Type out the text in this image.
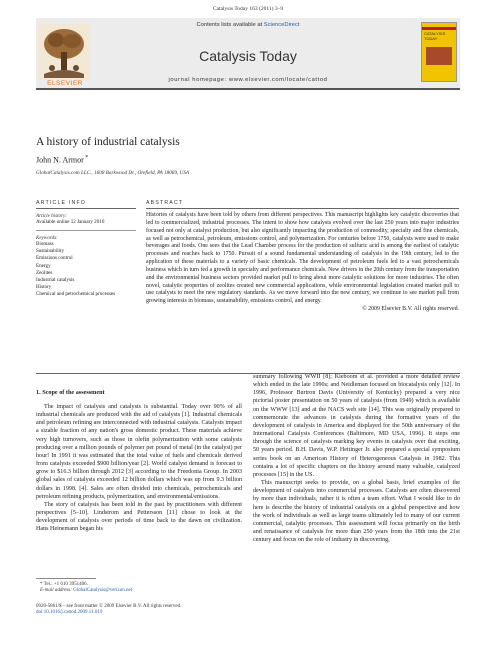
Catalysis Today 163 (2011) 3–9
Contents lists available at ScienceDirect
Catalysis Today
journal homepage: www.elsevier.com/locate/cattod
ELSEVIER
CATALYSIS TODAY
A history of industrial catalysis
John N. Armor *
GlobalCatalysis.com LLC., 1608 Barkwood Dr., Orefield, PA 18069, USA
ARTICLE INFO	ABSTRACT
Article history:
Available online 12 January 2010
Keywords:
Biomass
Sustainability
Emissions control
Energy
Zeolites
Industrial catalysis
History
Chemical and petrochemical processes
Histories of catalysis have been told by others from different perspectives. This manuscript highlights key catalytic discoveries that led to commercialized, industrial processes. The intent to show how catalysts evolved over the last 250 years into major industries focused not only at catalyst production, but also significantly impacting the production of commodity, specialty and fine chemicals, as well as petrochemical, petroleum, emissions control, and polymerization. For centuries before 1750, catalysts were used to make beverages and foods. One sees that the Lead Chamber process for the production of sulfuric acid is among the earliest of catalytic processes and reaches back to 1750. Pursuit of a sound fundamental understanding of catalysis in the 19th century, led to the application of these materials to a variety of basic chemicals. The development of petroleum fuels led to a vast petrochemicals business which in turn fed a growth in specialty and performance chemicals. New drivers in the 20th century from the transportation and the environmental business sectors provided market pull to bring about more catalytic solutions for more industries. The often novel, catalytic properties of zeolites created new commercial applications, while environmental legislation created market pull to use catalysts to meet the new regulatory standards. As we move forward into the new century, we continue to see market pull from growing interests in biomass, sustainability, emissions control, and energy.
© 2009 Elsevier B.V. All rights reserved.
1. Scope of the assessment

The impact of catalysis and catalysts is substantial. Today over 90% of all industrial chemicals are produced with the aid of catalysts [1]. Industrial chemicals and petroleum refining are interconnected with industrial catalysts. Catalysts impact a sizable fraction of any nation's gross domestic product. These materials achieve very high turnovers, such as those in olefin polymerization with some catalysts producing over a million pounds of polymer per pound of metal (in the catalyst) per hour! In 1991 it was estimated that the total value of fuels and chemicals derived from catalysts exceeded $900 billion/year [2]. World catalyst demand is forecast to grow to $16.3 billion through 2012 [3] according to the Freedonia Group. In 2003 global sales of catalysts exceeded 12 billion dollars which was up from 9.3 billion dollars in 1998. [4]. Sales are often divided into chemicals, petrochemicals and petroleum refining products, polymerization, and environmental/emissions.

The story of catalysis has been told in the past by practitioners with different perspectives [5–10]. Lindstrom and Pettersson [11] chose to look at the development of catalysis over periods of time back to the dawn on civilization. Hans Heinemann began his

summary following WWII [8]; Kieboom et al. provided a more detailed review which ended in the late 1990s; and Neidleman focused on biocatalysis only [12]. In 1996, Professor Burtron Davis (University of Kentucky) prepared a very nice pictorial poster presentation on 50 years of catalysis (from 1949) which is available on the WWW [13] and at the NACS web site [14]. This was originally prepared to commemorate the advances in catalysis during the formative years of the development of catalysis in America and displayed for the 50th anniversary of the International Catalysis Conferences (Baltimore, MD USA, 1996). It steps one through the science of catalysis marking key events in catalysis over that exciting, 50 years period. B.H. Davis, W.P. Hettinger Jr. also prepared a special symposium series book on an American History of Heterogeneous Catalysis in 1982. This contains a lot of specific chapters on the history around many valuable, catalyzed processes [15] in the US.

This manuscript seeks to provide, on a global basis, brief examples of the development of catalysts into commercial processes. Catalysts are often discovered by more than individuals, rather it is often a team effort. What I would like to do here is describe the history of industrial catalysis on a global perspective and how the work of individuals as well as large teams ultimately led to many of our current commercial, catalytic processes. This assessment will focus primarily on the birth and renaissance of catalysis for more than 250 years from the 18th into the 21st century and focus on the role of industry in discovering,

* Tel.: +1 610 3951406.
E-mail address: GlobalCatalysis@verizon.net
0920-5861/$ – see front matter © 2009 Elsevier B.V. All rights reserved.
doi:10.1016/j.cattod.2009.11.019
